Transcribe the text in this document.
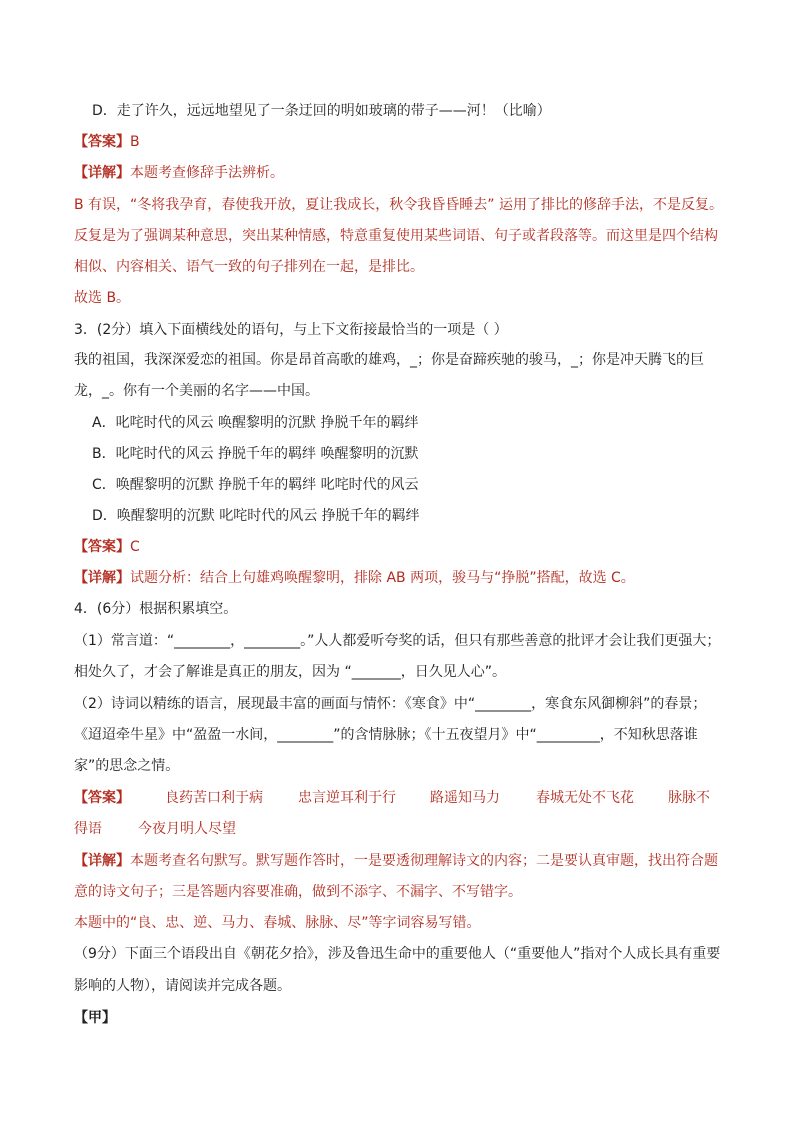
D．走了许久，远远地望见了一条迂回的明如玻璃的带子——河！（比喻）
【答案】B
【详解】本题考查修辞手法辨析。
B 有误，“冬将我孕育，春使我开放，夏让我成长，秋令我昏昏睡去” 运用了排比的修辞手法，不是反复。
反复是为了强调某种意思，突出某种情感，特意重复使用某些词语、句子或者段落等。而这里是四个结构
相似、内容相关、语气一致的句子排列在一起，是排比。
故选 B。
3．(2分）填入下面横线处的语句，与上下文衔接最恰当的一项是（ ）
我的祖国，我深深爱恋的祖国。你是昂首高歌的雄鸡，_；你是奋蹄疾驰的骏马，_；你是冲天腾飞的巨
龙，_。你有一个美丽的名字——中国。
A．叱咤时代的风云 唤醒黎明的沉默 挣脱千年的羁绊
B．叱咤时代的风云 挣脱千年的羁绊 唤醒黎明的沉默
C．唤醒黎明的沉默 挣脱千年的羁绊 叱咤时代的风云
D．唤醒黎明的沉默 叱咤时代的风云 挣脱千年的羁绊
【答案】C
【详解】试题分析：结合上句雄鸡唤醒黎明，排除 AB 两项，骏马与“挣脱”搭配，故选 C。
4．(6分）根据积累填空。
（1）常言道：“________，________。”人人都爱听夸奖的话，但只有那些善意的批评才会让我们更强大；
相处久了，才会了解谁是真正的朋友，因为 “_______，日久见人心”。
（2）诗词以精练的语言，展现最丰富的画面与情怀：《寒食》中“________，寒食东风御柳斜”的春景；
《迢迢牵牛星》中“盈盈一水间，________”的含情脉脉；《十五夜望月》中“_________，不知秋思落谁
家”的思念之情。
【答案】	良药苦口利于病	忠言逆耳利于行 路遥知马力	春城无处不飞花 脉脉不
得语	今夜月明人尽望
【详解】本题考查名句默写。默写题作答时，一是要透彻理解诗文的内容；二是要认真审题，找出符合题
意的诗文句子；三是答题内容要准确，做到不添字、不漏字、不写错字。
本题中的“良、忠、逆、马力、春城、脉脉、尽”等字词容易写错。
（9分）下面三个语段出自《朝花夕拾》，涉及鲁迅生命中的重要他人（“重要他人”指对个人成长具有重要
影响的人物），请阅读并完成各题。
【甲】
